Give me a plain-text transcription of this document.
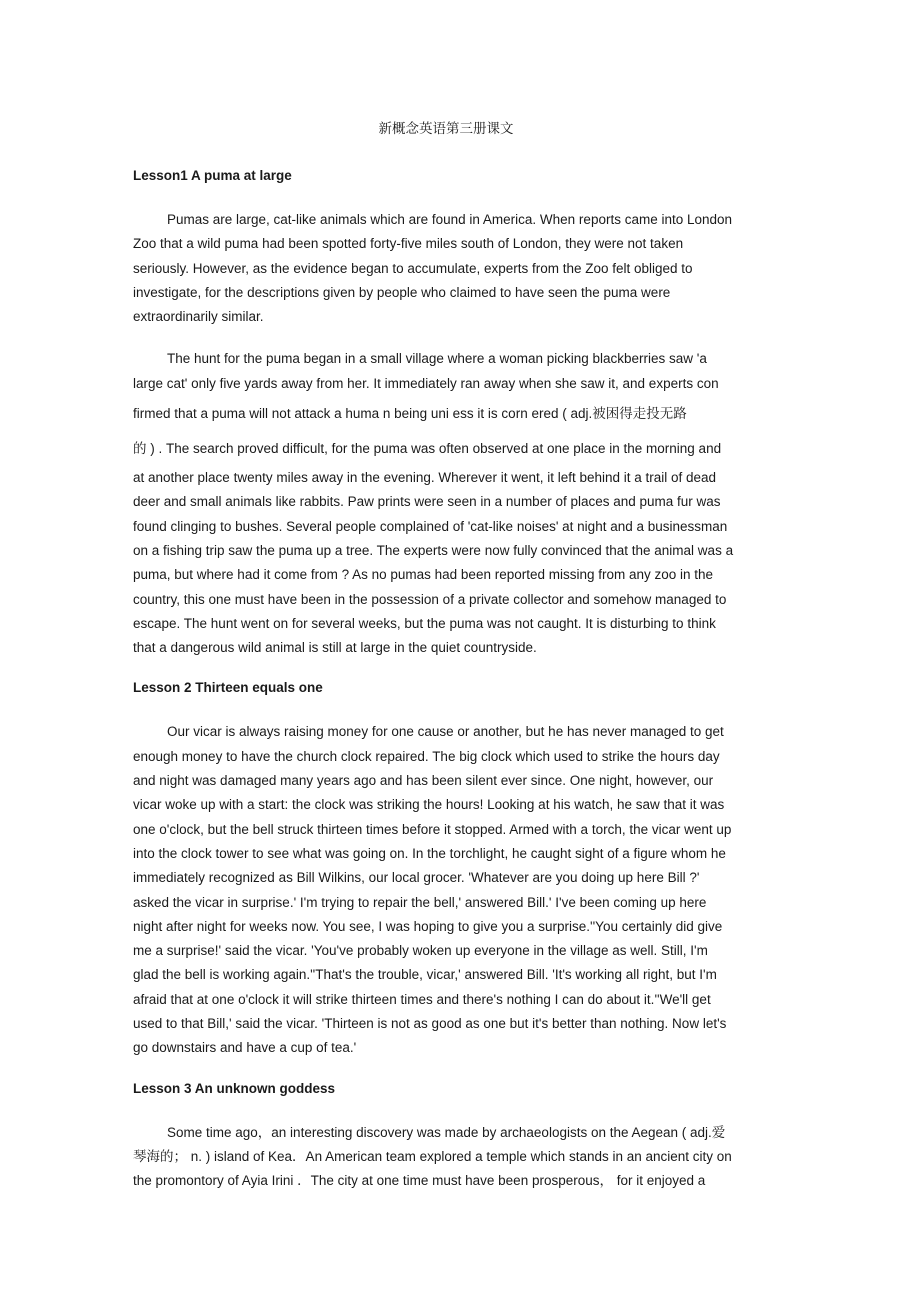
新概念英语第三册课文
Lesson1 A puma at large

Pumas are large, cat-like animals which are found in America. When reports came into London
Zoo that a wild puma had been spotted forty-five miles south of London, they were not taken
seriously. However, as the evidence began to accumulate, experts from the Zoo felt obliged to
investigate, for the descriptions given by people who claimed to have seen the puma were
extraordinarily similar.

The hunt for the puma began in a small village where a woman picking blackberries saw 'a
large cat' only five yards away from her. It immediately ran away when she saw it, and experts con
firmed that a puma will not attack a huma n being uni ess it is corn ered ( adj.被困得走投无路
的 ) . The search proved difficult, for the puma was often observed at one place in the morning and
at another place twenty miles away in the evening. Wherever it went, it left behind it a trail of dead
deer and small animals like rabbits. Paw prints were seen in a number of places and puma fur was
found clinging to bushes. Several people complained of 'cat-like noises' at night and a businessman
on a fishing trip saw the puma up a tree. The experts were now fully convinced that the animal was a
puma, but where had it come from ? As no pumas had been reported missing from any zoo in the
country, this one must have been in the possession of a private collector and somehow managed to
escape. The hunt went on for several weeks, but the puma was not caught. It is disturbing to think
that a dangerous wild animal is still at large in the quiet countryside.

Lesson 2 Thirteen equals one

Our vicar is always raising money for one cause or another, but he has never managed to get
enough money to have the church clock repaired. The big clock which used to strike the hours day
and night was damaged many years ago and has been silent ever since. One night, however, our
vicar woke up with a start: the clock was striking the hours! Looking at his watch, he saw that it was
one o'clock, but the bell struck thirteen times before it stopped. Armed with a torch, the vicar went up
into the clock tower to see what was going on. In the torchlight, he caught sight of a figure whom he
immediately recognized as Bill Wilkins, our local grocer. 'Whatever are you doing up here Bill ?'
asked the vicar in surprise.' I'm trying to repair the bell,' answered Bill.' I've been coming up here
night after night for weeks now. You see, I was hoping to give you a surprise.''You certainly did give
me a surprise!' said the vicar. 'You've probably woken up everyone in the village as well. Still, I'm
glad the bell is working again.''That's the trouble, vicar,' answered Bill. 'It's working all right, but I'm
afraid that at one o'clock it will strike thirteen times and there's nothing I can do about it.''We'll get
used to that Bill,' said the vicar. 'Thirteen is not as good as one but it's better than nothing. Now let's
go downstairs and have a cup of tea.'

Lesson 3 An unknown goddess

Some time ago，an interesting discovery was made by archaeologists on the Aegean ( adj.爱
琴海的； n. ) island of Kea．An American team explored a temple which stands in an ancient city on
the promontory of Ayia Irini ．The city at one time must have been prosperous， for it enjoyed a
